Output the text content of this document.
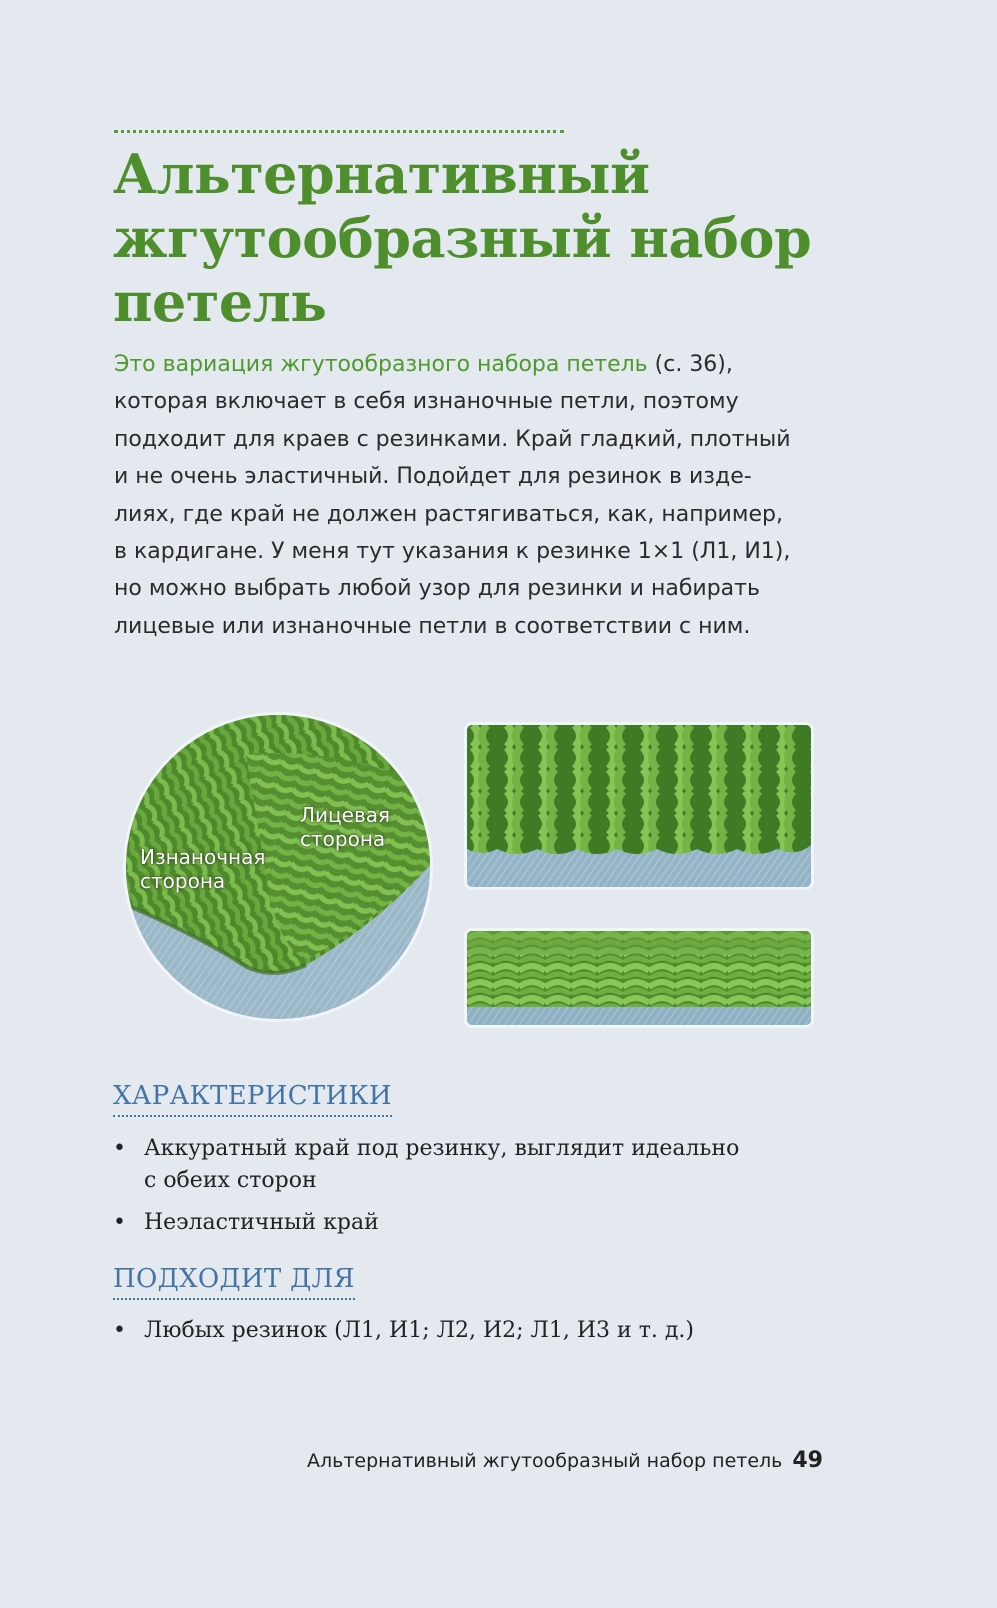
Альтернативный
жгутообразный набор
петель

Это вариация жгутообразного набора петель (с. 36),
которая включает в себя изнаночные петли, поэтому
подходит для краев с резинками. Край гладкий, плотный
и не очень эластичный. Подойдет для резинок в изде-
лиях, где край не должен растягиваться, как, например,
в кардигане. У меня тут указания к резинке 1×1 (Л1, И1),
но можно выбрать любой узор для резинки и набирать
лицевые или изнаночные петли в соответствии с ним.

Лицевая
сторона
Изнаночная
сторона
ХАРАКТЕРИСТИКИ
• Аккуратный край под резинку, выглядит идеально
с обеих сторон
• Неэластичный край
ПОДХОДИТ ДЛЯ
• Любых резинок (Л1, И1; Л2, И2; Л1, И3 и т. д.)
Альтернативный жгутообразный набор петель 49
